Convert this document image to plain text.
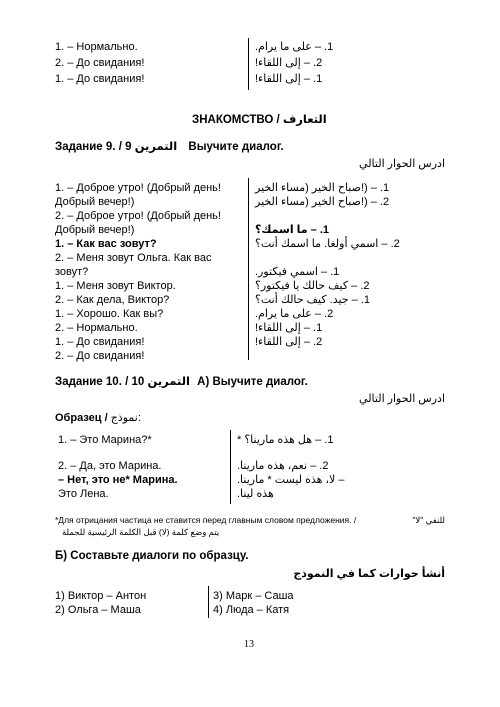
1. – Нормально.
2. – До свидания!
1. – До свидания!
1. – على ما يرام.
2. – إلى اللقاء!
1. – إلى اللقاء!
ЗНАКОМСТВО / التعارف
Задание 9. / 9 التمرين Выучите диалог.
ادرس الحوار التالي
1. – Доброе утро! (Добрый день!
Добрый вечер!)
2. – Доброе утро! (Добрый день!
Добрый вечер!)
1. – Как вас зовут?
2. – Меня зовут Ольга. Как вас
зовут?
1. – Меня зовут Виктор.
2. – Как дела, Виктор?
1. – Хорошо. Как вы?
2. – Нормально.
1. – До свидания!
2. – До свидания!
1. – (!صباح الخير (مساء الخير
2. – (!صباح الخير (مساء الخير
1. – ما اسمك؟
2. – اسمي أولغا. ما اسمك أنت؟
1. – اسمي فيكتور.
2. – كيف حالك يا فيكتور؟
1. – جيد. كيف حالك أنت؟
2. – على ما يرام.
1. – إلى اللقاء!
2. – إلى اللقاء!
Задание 10. / 10 التمرين А) Выучите диалог.
ادرس الحوار التالي
Образец / نموذج:
1. – Это Марина?*
2. – Да, это Марина.
– Нет, это не* Марина.
Это Лена.
1. – هل هذه مارينا؟ *
2. – نعم، هذه مارينا.
– لا، هذه ليست * مارينا.
هذه لينا.
*Для отрицания частица не ставится перед главным словом предложения. /	للنفي "لا"
يتم وضع كلمة (لا) قبل الكلمة الرئيسية للجملة
Б) Составьте диалоги по образцу.
أنشأ حوارات كما في النموذج
1) Виктор – Антон
2) Ольга – Маша
3) Марк – Саша
4) Люда – Катя
13
